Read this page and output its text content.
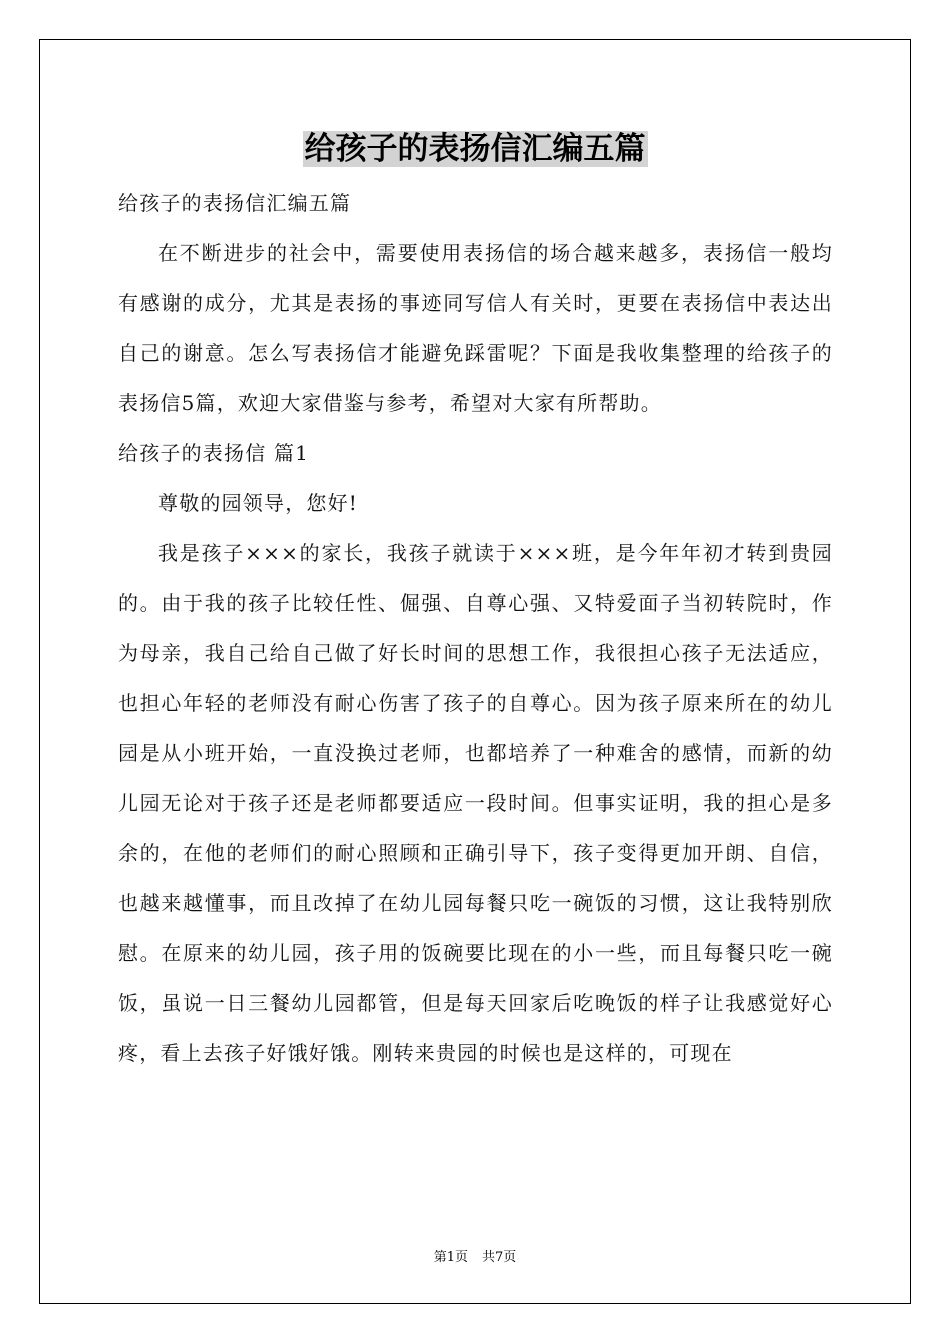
给孩子的表扬信汇编五篇

给孩子的表扬信汇编五篇

在不断进步的社会中，需要使用表扬信的场合越来越多，表扬信一般均有感谢的成分，尤其是表扬的事迹同写信人有关时，更要在表扬信中表达出自己的谢意。怎么写表扬信才能避免踩雷呢？下面是我收集整理的给孩子的表扬信5篇，欢迎大家借鉴与参考，希望对大家有所帮助。

给孩子的表扬信 篇1

尊敬的园领导，您好!

我是孩子×××的家长，我孩子就读于×××班，是今年年初才转到贵园的。由于我的孩子比较任性、倔强、自尊心强、又特爱面子当初转院时，作为母亲，我自己给自己做了好长时间的思想工作，我很担心孩子无法适应，也担心年轻的老师没有耐心伤害了孩子的自尊心。因为孩子原来所在的幼儿园是从小班开始，一直没换过老师，也都培养了一种难舍的感情，而新的幼儿园无论对于孩子还是老师都要适应一段时间。但事实证明，我的担心是多余的，在他的老师们的耐心照顾和正确引导下，孩子变得更加开朗、自信，也越来越懂事，而且改掉了在幼儿园每餐只吃一碗饭的习惯，这让我特别欣慰。在原来的幼儿园，孩子用的饭碗要比现在的小一些，而且每餐只吃一碗饭，虽说一日三餐幼儿园都管，但是每天回家后吃晚饭的样子让我感觉好心疼，看上去孩子好饿好饿。刚转来贵园的时候也是这样的，可现在

第1页 共7页
